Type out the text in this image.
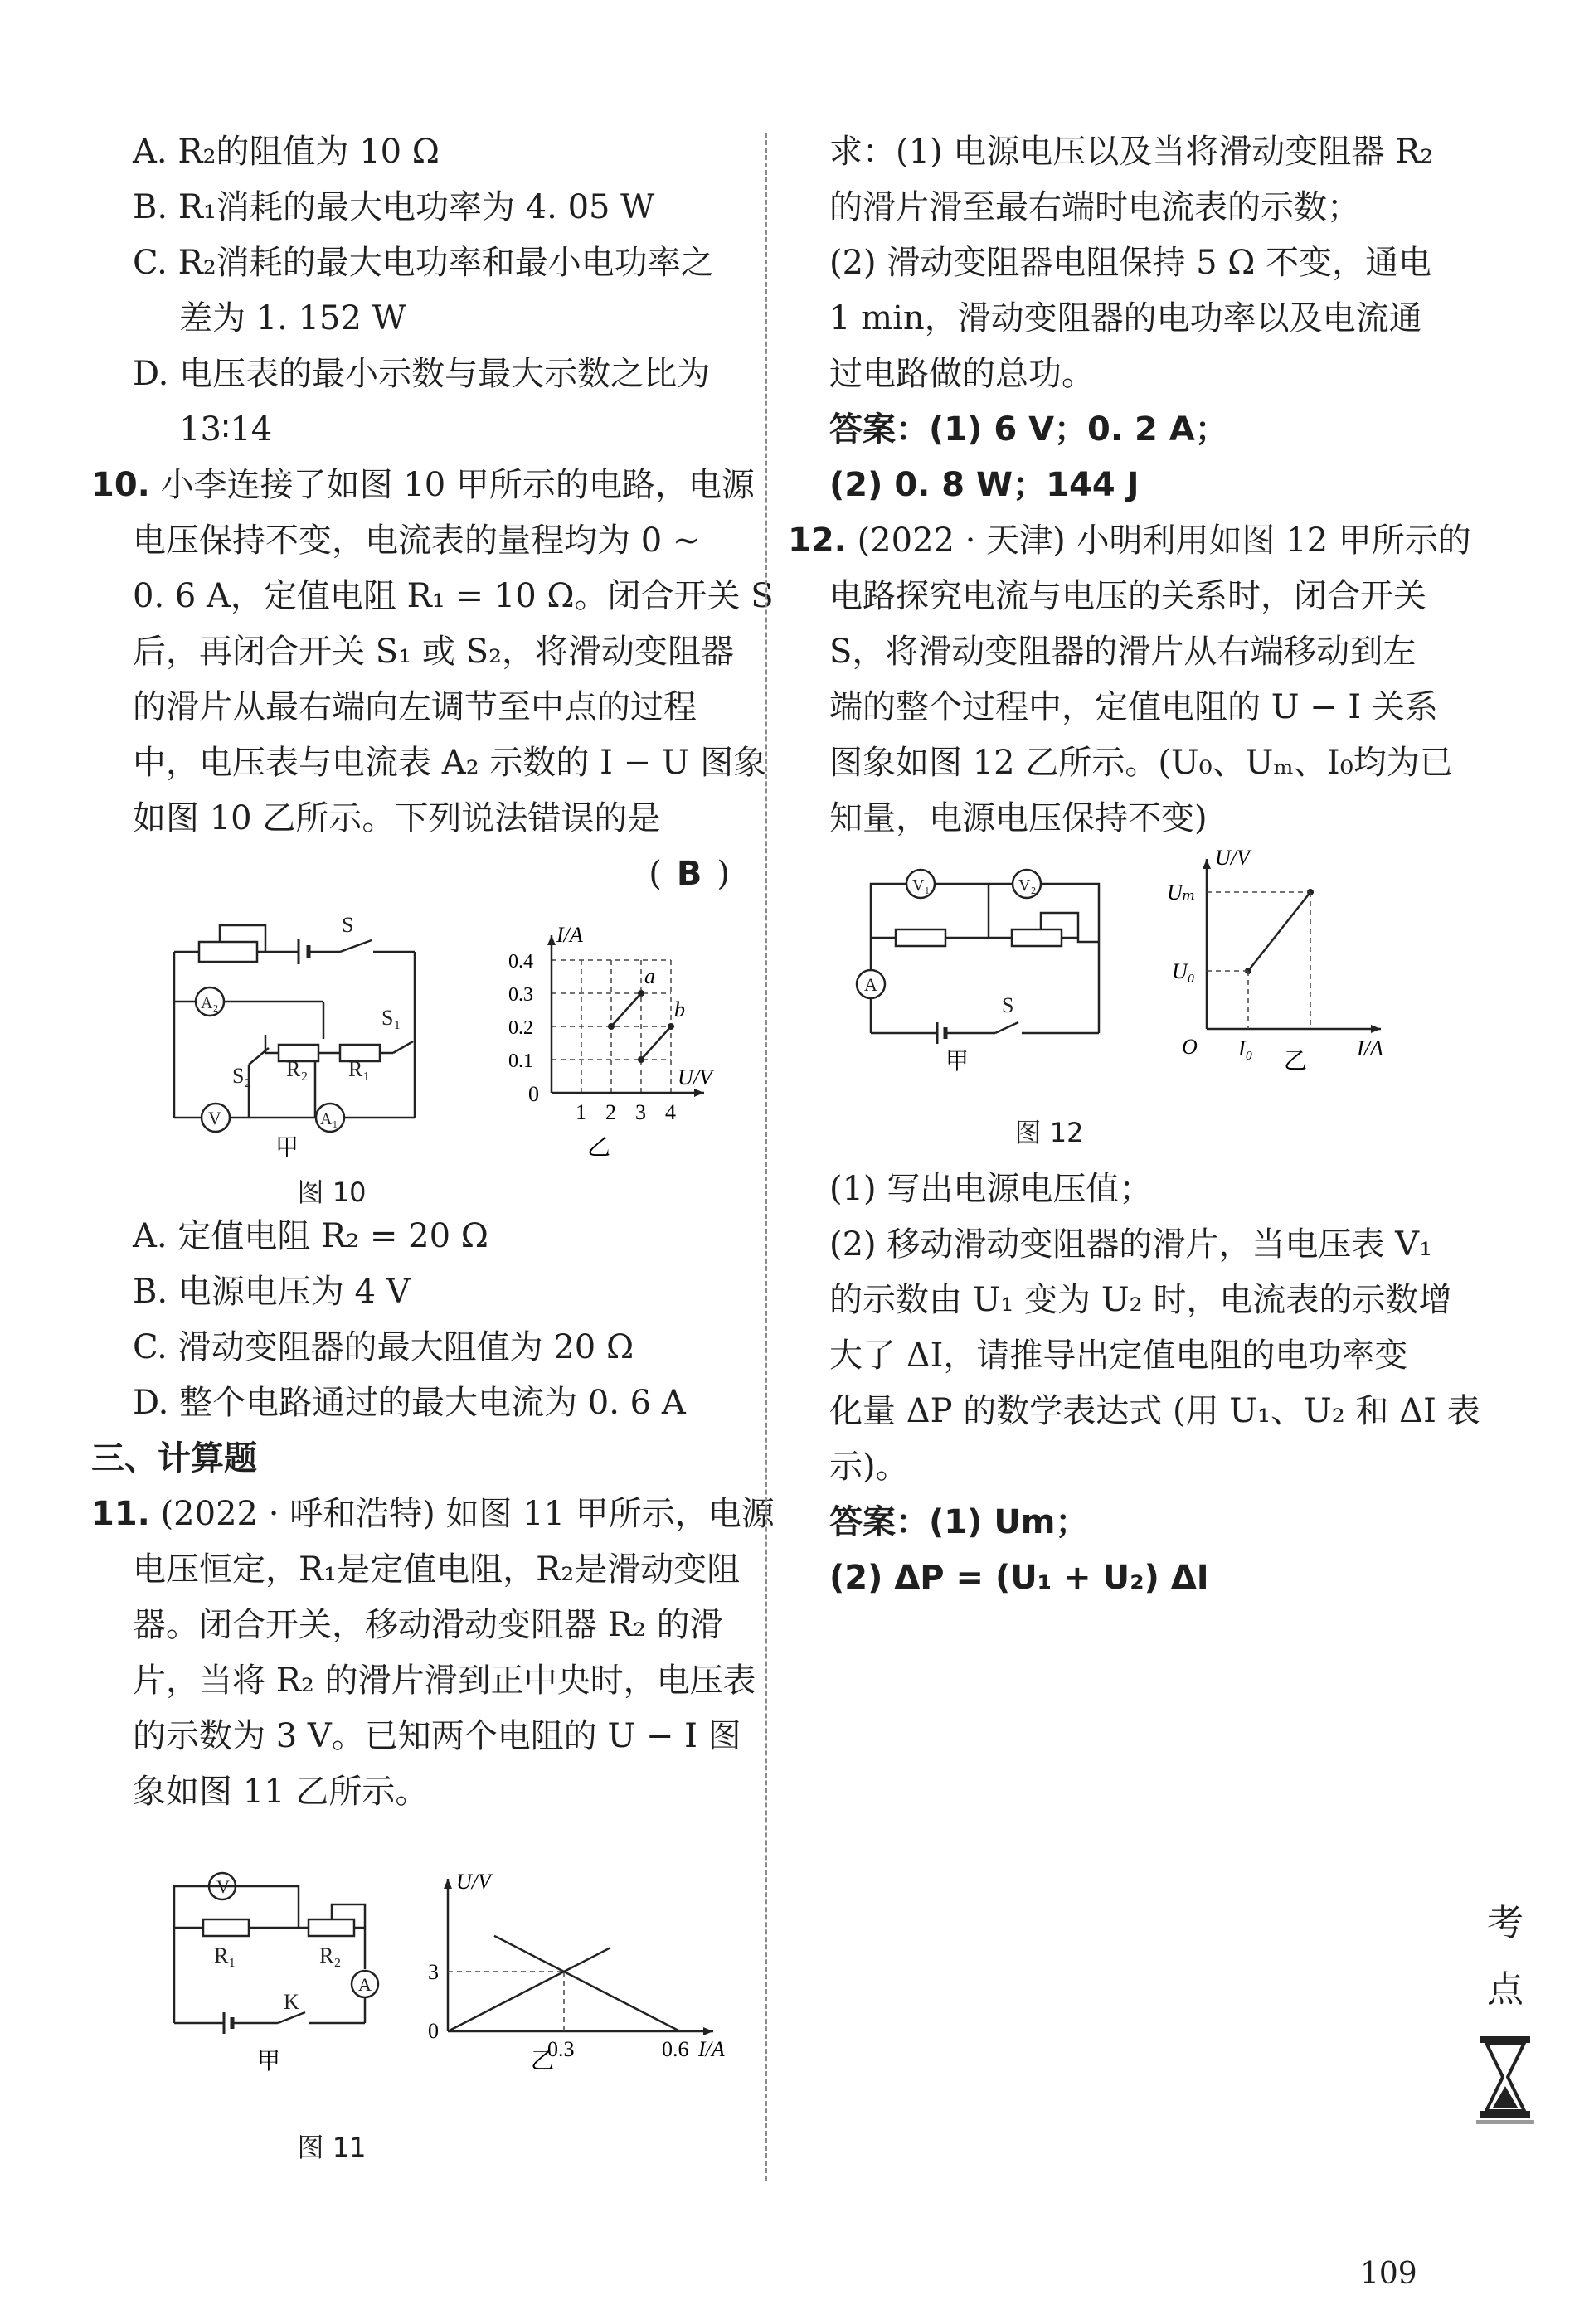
A. R₂的阻值为 10 Ω
B. R₁消耗的最大电功率为 4. 05 W
C. R₂消耗的最大电功率和最小电功率之
差为 1. 152 W
D. 电压表的最小示数与最大示数之比为
13∶14
10. 小李连接了如图 10 甲所示的电路，电源
电压保持不变，电流表的量程均为 0 ~
0. 6 A，定值电阻 R₁ = 10 Ω。闭合开关 S
后，再闭合开关 S₁ 或 S₂，将滑动变阻器
的滑片从最右端向左调节至中点的过程
中，电压表与电流表 A₂ 示数的 I − U 图象
如图 10 乙所示。下列说法错误的是
( B )
S
S₁
S₂ R₂ R₁
A₂
V	A₁
甲
0
1 2 3 4
0.1
0.2
0.3
0.4
I/A
U/V
a
b
乙
图 10
A. 定值电阻 R₂ = 20 Ω
B. 电源电压为 4 V
C. 滑动变阻器的最大阻值为 20 Ω
D. 整个电路通过的最大电流为 0. 6 A
三、计算题
11. (2022 · 呼和浩特) 如图 11 甲所示，电源
电压恒定，R₁是定值电阻，R₂是滑动变阻
器。闭合开关，移动滑动变阻器 R₂ 的滑
片，当将 R₂ 的滑片滑到正中央时，电压表
的示数为 3 V。已知两个电阻的 U − I 图
象如图 11 乙所示。
V
A
R₁	R₂
K
甲
0
3
0.3	0.6
U/V
I/A
乙
图 11
求：(1) 电源电压以及当将滑动变阻器 R₂
的滑片滑至最右端时电流表的示数；
(2) 滑动变阻器电阻保持 5 Ω 不变，通电
1 min，滑动变阻器的电功率以及电流通
过电路做的总功。
答案：(1) 6 V；0. 2 A；
(2) 0. 8 W；144 J
12. (2022 · 天津) 小明利用如图 12 甲所示的
电路探究电流与电压的关系时，闭合开关
S，将滑动变阻器的滑片从右端移动到左
端的整个过程中，定值电阻的 U − I 关系
图象如图 12 乙所示。(U₀、Uₘ、I₀均为已
知量，电源电压保持不变)
V₁	V₂
A
S
甲
O I₀
U₀
Uₘ
U/V
I/A
乙
图 12
(1) 写出电源电压值；
(2) 移动滑动变阻器的滑片，当电压表 V₁
的示数由 U₁ 变为 U₂ 时，电流表的示数增
大了 ΔI，请推导出定值电阻的电功率变
化量 ΔP 的数学表达式 (用 U₁、U₂ 和 ΔI 表
示)。
答案：(1) Um；
(2) ΔP = (U₁ + U₂) ΔI
考
点
109
